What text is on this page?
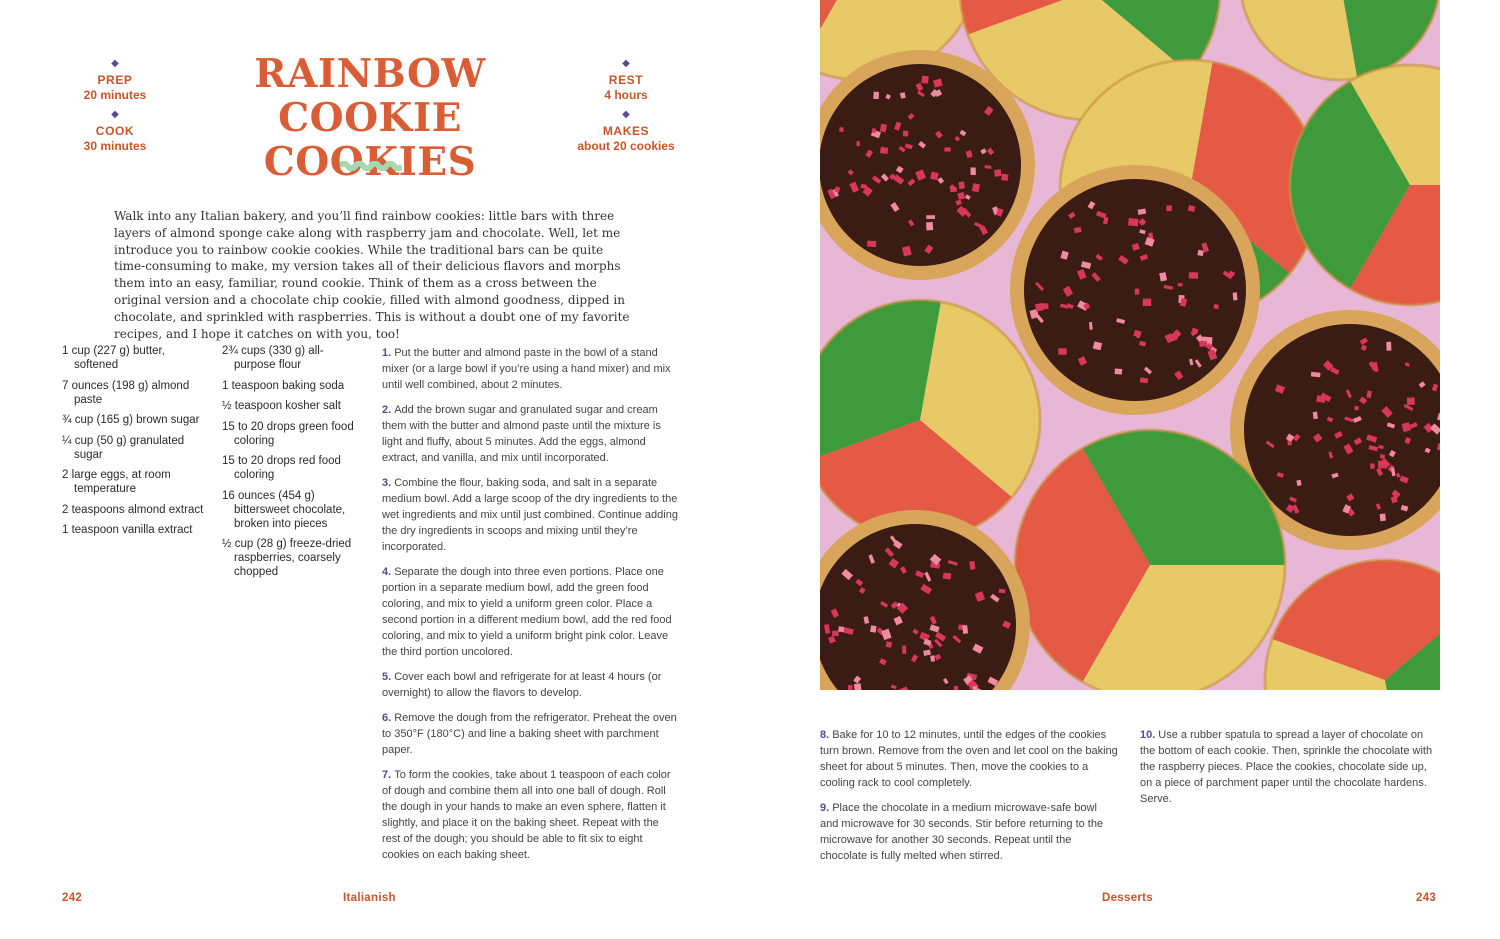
◆
PREP
20 minutes
◆
COOK
30 minutes
◆
REST
4 hours
◆
MAKES
about 20 cookies
RAINBOW COOKIE
COOKIES

Walk into any Italian bakery, and you’ll find rainbow cookies: little bars with three layers of almond sponge cake along with raspberry jam and chocolate. Well, let me introduce you to rainbow cookie cookies. While the traditional bars can be quite time-consuming to make, my version takes all of their delicious flavors and morphs them into an easy, familiar, round cookie. Think of them as a cross between the original version and a chocolate chip cookie, filled with almond goodness, dipped in chocolate, and sprinkled with raspberries. This is without a doubt one of my favorite recipes, and I hope it catches on with you, too!

1 cup (227 g) butter, softened
7 ounces (198 g) almond paste
¾ cup (165 g) brown sugar
¼ cup (50 g) granulated sugar
2 large eggs, at room temperature
2 teaspoons almond extract
1 teaspoon vanilla extract
2¾ cups (330 g) all-purpose flour
1 teaspoon baking soda
½ teaspoon kosher salt
15 to 20 drops green food coloring
15 to 20 drops red food coloring
16 ounces (454 g) bittersweet chocolate, broken into pieces
½ cup (28 g) freeze-dried raspberries, coarsely chopped
1. Put the butter and almond paste in the bowl of a stand mixer (or a large bowl if you’re using a hand mixer) and mix until well combined, about 2 minutes.
2. Add the brown sugar and granulated sugar and cream them with the butter and almond paste until the mixture is light and fluffy, about 5 minutes. Add the eggs, almond extract, and vanilla, and mix until incorporated.
3. Combine the flour, baking soda, and salt in a separate medium bowl. Add a large scoop of the dry ingredients to the wet ingredients and mix until just combined. Continue adding the dry ingredients in scoops and mixing until they’re incorporated.
4. Separate the dough into three even portions. Place one portion in a separate medium bowl, add the green food coloring, and mix to yield a uniform green color. Place a second portion in a different medium bowl, add the red food coloring, and mix to yield a uniform bright pink color. Leave the third portion uncolored.
5. Cover each bowl and refrigerate for at least 4 hours (or overnight) to allow the flavors to develop.
6. Remove the dough from the refrigerator. Preheat the oven to 350°F (180°C) and line a baking sheet with parchment paper.
7. To form the cookies, take about 1 teaspoon of each color of dough and combine them all into one ball of dough. Roll the dough in your hands to make an even sphere, flatten it slightly, and place it on the baking sheet. Repeat with the rest of the dough; you should be able to fit six to eight cookies on each baking sheet.
8. Bake for 10 to 12 minutes, until the edges of the cookies turn brown. Remove from the oven and let cool on the baking sheet for about 5 minutes. Then, move the cookies to a cooling rack to cool completely.
9. Place the chocolate in a medium microwave-safe bowl and microwave for 30 seconds. Stir before returning to the microwave for another 30 seconds. Repeat until the chocolate is fully melted when stirred.
10. Use a rubber spatula to spread a layer of chocolate on the bottom of each cookie. Then, sprinkle the chocolate with the raspberry pieces. Place the cookies, chocolate side up, on a piece of parchment paper until the chocolate hardens. Serve.
242	Italianish	Desserts	243
